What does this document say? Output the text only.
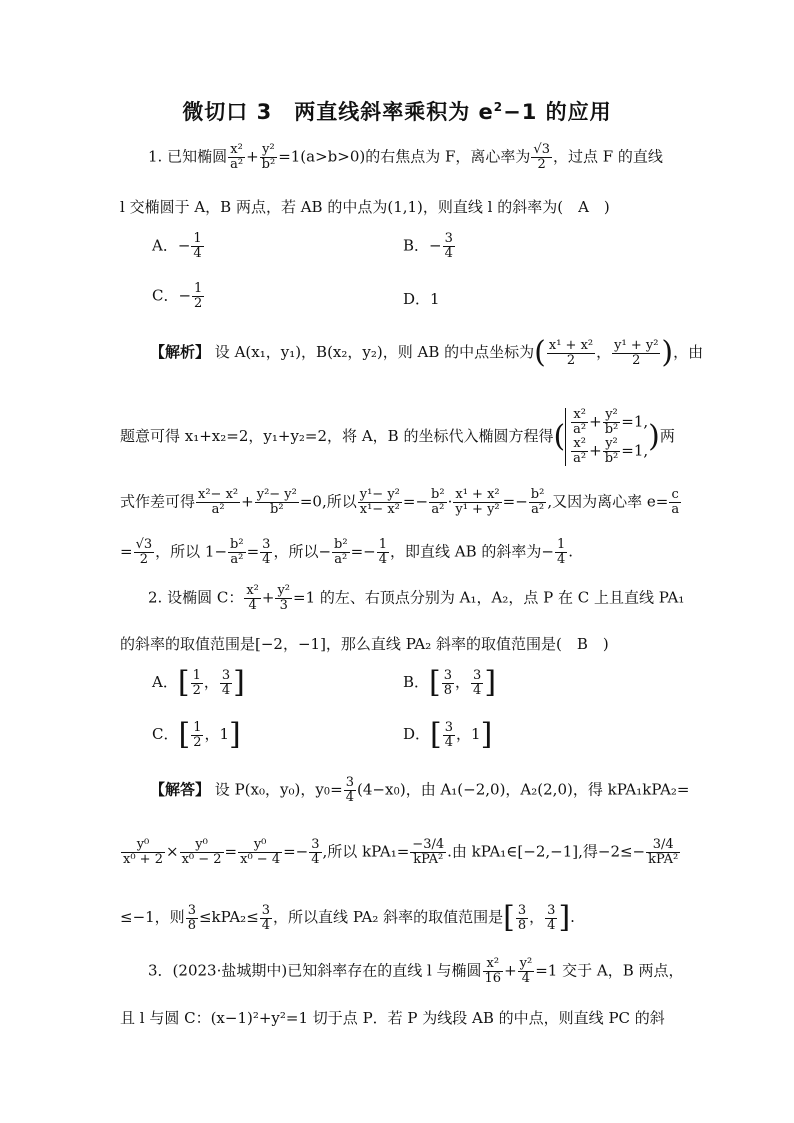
微切口 3　两直线斜率乘积为 $e^2-1$ 的应用
1. 已知椭圆 $\frac{\text{x²}}{\text{a²}} + \frac{\text{y²}}{\text{b²}} =1(a>b>0)$的右焦点为 F，离心率为 $\frac{√3}{2}$ ，过点 F 的直线
l 交椭圆于 A，B 两点，若 AB 的中点为(1,1)，则直线 l 的斜率为(　A　)
A．− $\frac{1}{4}$	B．− $\frac{3}{4}$
C．− $\frac{1}{2}$	D．1
【解析】 设 A(x₁，y₁)，B(x₂，y₂)，则 AB 的中点坐标为( $\frac{\text{x¹ + x²}}{2}$ ， $\frac{\text{y¹ + y²}}{2}$ )，由
题意可得 x₁+x₂=2，y₁+y₂=2，将 A，B 的坐标代入椭圆方程得( $\frac{\text{x²}}{\text{a²}} + \frac{\text{y²}}{\text{b²}} =1$,
$\frac{\text{x²}}{\text{a²}} + \frac{\text{y²}}{\text{b²}} =1$, )两
式作差可得 $\frac{\text{x²− x²}}{\text{a²}} + \frac{\text{y²− y²}}{\text{b²}} =0$,所以 $\frac{\text{y¹− y²}}{\text{x¹− x²}} =- \frac{\text{b²}}{\text{a²}} \cdot \frac{\text{x¹ + x²}}{\text{y¹ + y²}} =- \frac{\text{b²}}{\text{a²}}$ ,又因为离心率 $e= \frac{c}{a}$
= $\frac{√3}{2}$ ，所以 $1- \frac{\text{b²}}{\text{a²}} = \frac{3}{4}$ ，所以− $\frac{\text{b²}}{\text{a²}} =- \frac{1}{4}$ ，即直线 AB 的斜率为− $\frac{1}{4}$ .
2. 设椭圆 C： $\frac{\text{x²}}{4} + \frac{\text{y²}}{3} =1$ 的左、右顶点分别为 A₁，A₂，点 P 在 C 上且直线 PA₁
的斜率的取值范围是[−2，−1]，那么直线 PA₂ 斜率的取值范围是(　B　)
A．[ $\frac{1}{2}$ ， $\frac{3}{4}$ ]	B．[ $\frac{3}{8}$ ， $\frac{3}{4}$ ]
C．[ $\frac{1}{2}$ ，1]	D．[ $\frac{3}{4}$ ，1]
【解答】 设 P(x₀，y₀)，$y0= \frac{3}{4} (4-x0)$，由 A₁(−2,0)，A₂(2,0)，得 kPA₁kPA₂=
$\frac{\text{y⁰}}{\text{x⁰ + 2}} \times \frac{\text{y⁰}}{\text{x⁰ − 2}} = \frac{\text{y⁰}}{\text{x⁰ − 4}} =- \frac{3}{4}$ ,所以 $kPA_1= \frac{-3/4}{\text{kPA²}}$ .由 kPA₁∈[−2,−1],得$-2\le- \frac{3/4}{\text{kPA²}}$
≤−1，则 $\frac{3}{8} \le kPA_2\le \frac{3}{4}$ ，所以直线 PA₂ 斜率的取值范围是[ $\frac{3}{8}$ ， $\frac{3}{4}$ ].
3．(2023·盐城期中)已知斜率存在的直线 l 与椭圆 $\frac{\text{x²}}{16} + \frac{\text{y²}}{4} =1$ 交于 A，B 两点，
且 l 与圆 C：(x−1)²+y²=1 切于点 P．若 P 为线段 AB 的中点，则直线 PC 的斜
